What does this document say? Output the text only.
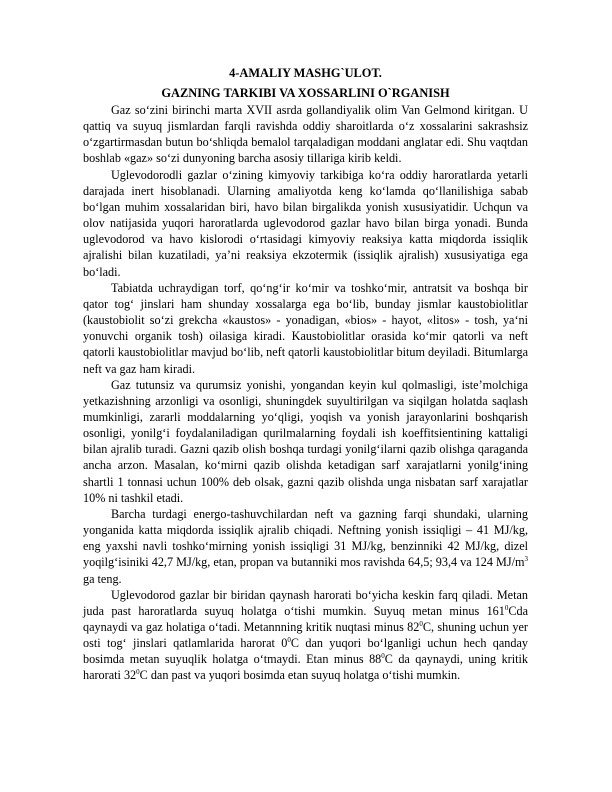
4-AMALIY MASHG`ULOT.

GAZNING TARKIBI VA XOSSARLINI O`RGANISH

Gaz so‘zini birinchi marta XVII asrda gollandiyalik olim Van Gelmond kiritgan. U qattiq va suyuq jismlardan farqli ravishda oddiy sharoitlarda o‘z xossalarini sakrashsiz o‘zgartirmasdan butun bo‘shliqda bemalol tarqaladigan moddani anglatar edi. Shu vaqtdan boshlab «gaz» so‘zi dunyoning barcha asosiy tillariga kirib keldi.

Uglevodorodli gazlar o‘zining kimyoviy tarkibiga ko‘ra oddiy haroratlarda yetarli darajada inert hisoblanadi. Ularning amaliyotda keng ko‘lamda qo‘llanilishiga sabab bo‘lgan muhim xossalaridan biri, havo bilan birgalikda yonish xususiyatidir. Uchqun va olov natijasida yuqori haroratlarda uglevodorod gazlar havo bilan birga yonadi. Bunda uglevodorod va havo kislorodi o‘rtasidagi kimyoviy reaksiya katta miqdorda issiqlik ajralishi bilan kuzatiladi, ya’ni reaksiya ekzotermik (issiqlik ajralish) xususiyatiga ega bo‘ladi.

Tabiatda uchraydigan torf, qo‘ng‘ir ko‘mir va toshko‘mir, antratsit va boshqa bir qator tog‘ jinslari ham shunday xossalarga ega bo‘lib, bunday jismlar kaustobiolitlar (kaustobiolit so‘zi grekcha «kaustos» - yonadigan, «bios» - hayot, «litos» - tosh, ya‘ni yonuvchi organik tosh) oilasiga kiradi. Kaustobiolitlar orasida ko‘mir qatorli va neft qatorli kaustobiolitlar mavjud bo‘lib, neft qatorli kaustobiolitlar bitum deyiladi. Bitumlarga neft va gaz ham kiradi.

Gaz tutunsiz va qurumsiz yonishi, yongandan keyin kul qolmasligi, iste’molchiga yetkazishning arzonligi va osonligi, shuningdek suyultirilgan va siqilgan holatda saqlash mumkinligi, zararli moddalarning yo‘qligi, yoqish va yonish jarayonlarini boshqarish osonligi, yonilg‘i foydalaniladigan qurilmalarning foydali ish koeffitsientining kattaligi bilan ajralib turadi. Gazni qazib olish boshqa turdagi yonilg‘ilarni qazib olishga qaraganda ancha arzon. Masalan, ko‘mirni qazib olishda ketadigan sarf xarajatlarni yonilg‘ining shartli 1 tonnasi uchun 100% deb olsak, gazni qazib olishda unga nisbatan sarf xarajatlar 10% ni tashkil etadi.

Barcha turdagi energo-tashuvchilardan neft va gazning farqi shundaki, ularning yonganida katta miqdorda issiqlik ajralib chiqadi. Neftning yonish issiqligi – 41 MJ/kg, eng yaxshi navli toshko‘mirning yonish issiqligi 31 MJ/kg, benzinniki 42 MJ/kg, dizel yoqilg‘isiniki 42,7 MJ/kg, etan, propan va butanniki mos ravishda 64,5; 93,4 va 124 $MJ/m^3$ ga teng.

Uglevodorod gazlar bir biridan qaynash harorati bo‘yicha keskin farq qiladi. Metan juda past haroratlarda suyuq holatga o‘tishi mumkin. Suyuq metan minus $161^0Cda$ qaynaydi va gaz holatiga o‘tadi. Metannning kritik nuqtasi minus $82^0C$, shuning uchun yer osti tog‘ jinslari qatlamlarida harorat $0^0C$ dan yuqori bo‘lganligi uchun hech qanday bosimda metan suyuqlik holatga o‘tmaydi. Etan minus $88^0C$ da qaynaydi, uning kritik harorati $32^0C$ dan past va yuqori bosimda etan suyuq holatga o‘tishi mumkin.
